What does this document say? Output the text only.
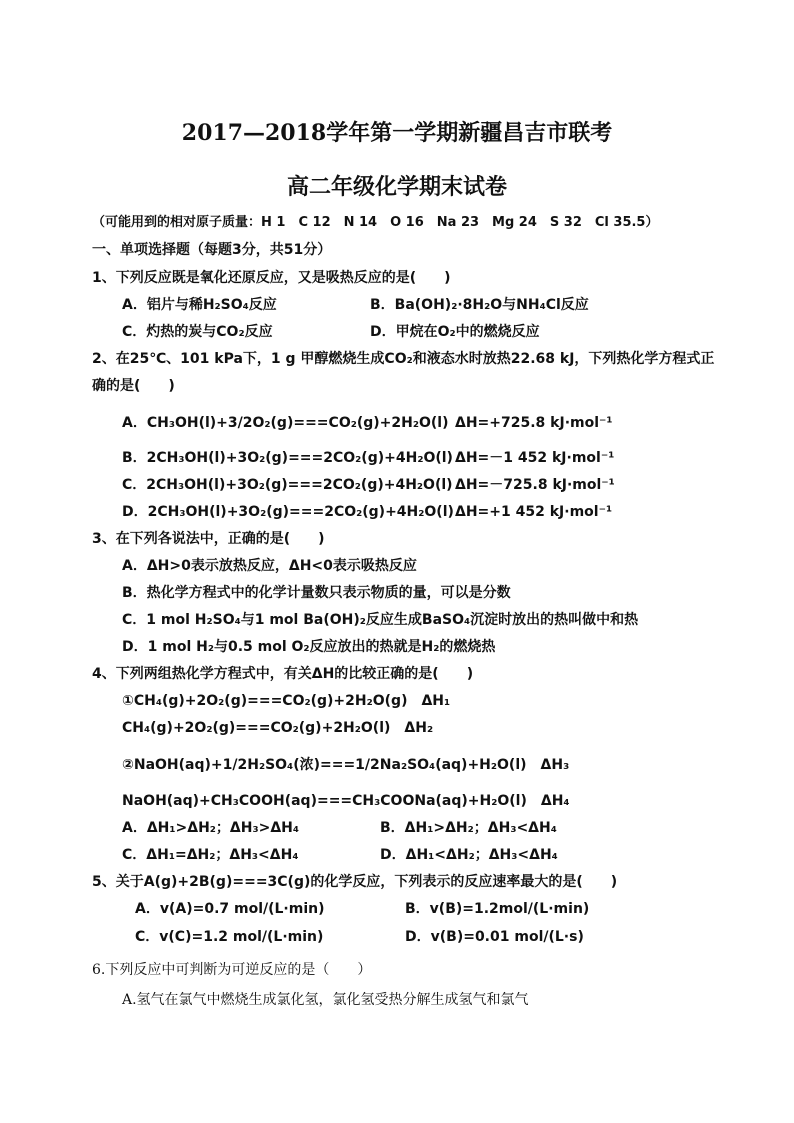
2017—2018学年第一学期新疆昌吉市联考
高二年级化学期末试卷
（可能用到的相对原子质量：H 1　C 12　N 14　O 16　Na 23　Mg 24　S 32　Cl 35.5）
一、单项选择题（每题3分，共51分）
1、下列反应既是氧化还原反应，又是吸热反应的是(　　)
A．铝片与稀H₂SO₄反应	B．Ba(OH)₂·8H₂O与NH₄Cl反应
C．灼热的炭与CO₂反应	D．甲烷在O₂中的燃烧反应
2、在25℃、101 kPa下，1 g 甲醇燃烧生成CO₂和液态水时放热22.68 kJ，下列热化学方程式正
确的是(　　)
A．CH₃OH(l)+3/2O₂(g)===CO₂(g)+2H₂O(l) ΔH=+725.8 kJ·mol⁻¹
B．2CH₃OH(l)+3O₂(g)===2CO₂(g)+4H₂O(l) ΔH=－1 452 kJ·mol⁻¹
C．2CH₃OH(l)+3O₂(g)===2CO₂(g)+4H₂O(l) ΔH=－725.8 kJ·mol⁻¹
D．2CH₃OH(l)+3O₂(g)===2CO₂(g)+4H₂O(l) ΔH=+1 452 kJ·mol⁻¹
3、在下列各说法中，正确的是(　　)
A．ΔH>0表示放热反应，ΔH<0表示吸热反应
B．热化学方程式中的化学计量数只表示物质的量，可以是分数
C．1 mol H₂SO₄与1 mol Ba(OH)₂反应生成BaSO₄沉淀时放出的热叫做中和热
D．1 mol H₂与0.5 mol O₂反应放出的热就是H₂的燃烧热
4、下列两组热化学方程式中，有关ΔH的比较正确的是(　　)
①CH₄(g)+2O₂(g)===CO₂(g)+2H₂O(g)　ΔH₁
CH₄(g)+2O₂(g)===CO₂(g)+2H₂O(l)　ΔH₂
②NaOH(aq)+1/2H₂SO₄(浓)===1/2Na₂SO₄(aq)+H₂O(l)　ΔH₃
NaOH(aq)+CH₃COOH(aq)===CH₃COONa(aq)+H₂O(l)　ΔH₄
A．ΔH₁>ΔH₂；ΔH₃>ΔH₄	B．ΔH₁>ΔH₂；ΔH₃<ΔH₄
C．ΔH₁=ΔH₂；ΔH₃<ΔH₄	D．ΔH₁<ΔH₂；ΔH₃<ΔH₄
5、关于A(g)+2B(g)===3C(g)的化学反应，下列表示的反应速率最大的是(　　)
A．v(A)=0.7 mol/(L·min)	B．v(B)=1.2mol/(L·min)
C．v(C)=1.2 mol/(L·min)	D．v(B)=0.01 mol/(L·s)
6.下列反应中可判断为可逆反应的是（　　）
A.氢气在氯气中燃烧生成氯化氢，氯化氢受热分解生成氢气和氯气
